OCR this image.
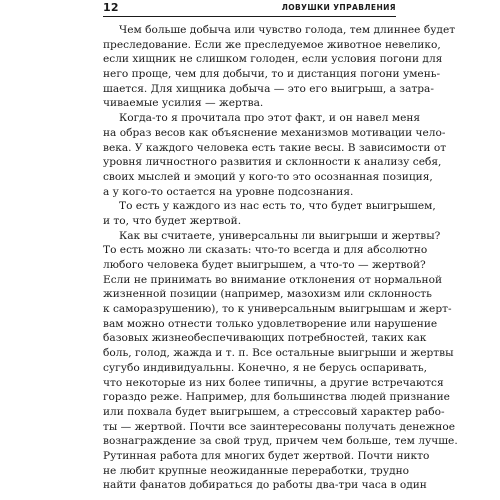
12	ЛОВУШКИ УПРАВЛЕНИЯ

Чем больше добыча или чувство голода, тем длиннее будет
преследование. Если же преследуемое животное невелико,
если хищник не слишком голоден, если условия погони для
него проще, чем для добычи, то и дистанция погони умень-
шается. Для хищника добыча — это его выигрыш, а затра-
чиваемые усилия — жертва.

Когда-то я прочитала про этот факт, и он навел меня
на образ весов как объяснение механизмов мотивации чело-
века. У каждого человека есть такие весы. В зависимости от
уровня личностного развития и склонности к анализу себя,
своих мыслей и эмоций у кого-то это осознанная позиция,
а у кого-то остается на уровне подсознания.

То есть у каждого из нас есть то, что будет выигрышем,
и то, что будет жертвой.

Как вы считаете, универсальны ли выигрыши и жертвы?
То есть можно ли сказать: что-то всегда и для абсолютно
любого человека будет выигрышем, а что-то — жертвой?
Если не принимать во внимание отклонения от нормальной
жизненной позиции (например, мазохизм или склонность
к саморазрушению), то к универсальным выигрышам и жерт-
вам можно отнести только удовлетворение или нарушение
базовых жизнеобеспечивающих потребностей, таких как
боль, голод, жажда и т. п. Все остальные выигрыши и жертвы
сугубо индивидуальны. Конечно, я не берусь оспаривать,
что некоторые из них более типичны, а другие встречаются
гораздо реже. Например, для большинства людей признание
или похвала будет выигрышем, а стрессовый характер рабо-
ты — жертвой. Почти все заинтересованы получать денежное
вознаграждение за свой труд, причем чем больше, тем лучше.
Рутинная работа для многих будет жертвой. Почти никто
не любит крупные неожиданные переработки, трудно
найти фанатов добираться до работы два-три часа в один
